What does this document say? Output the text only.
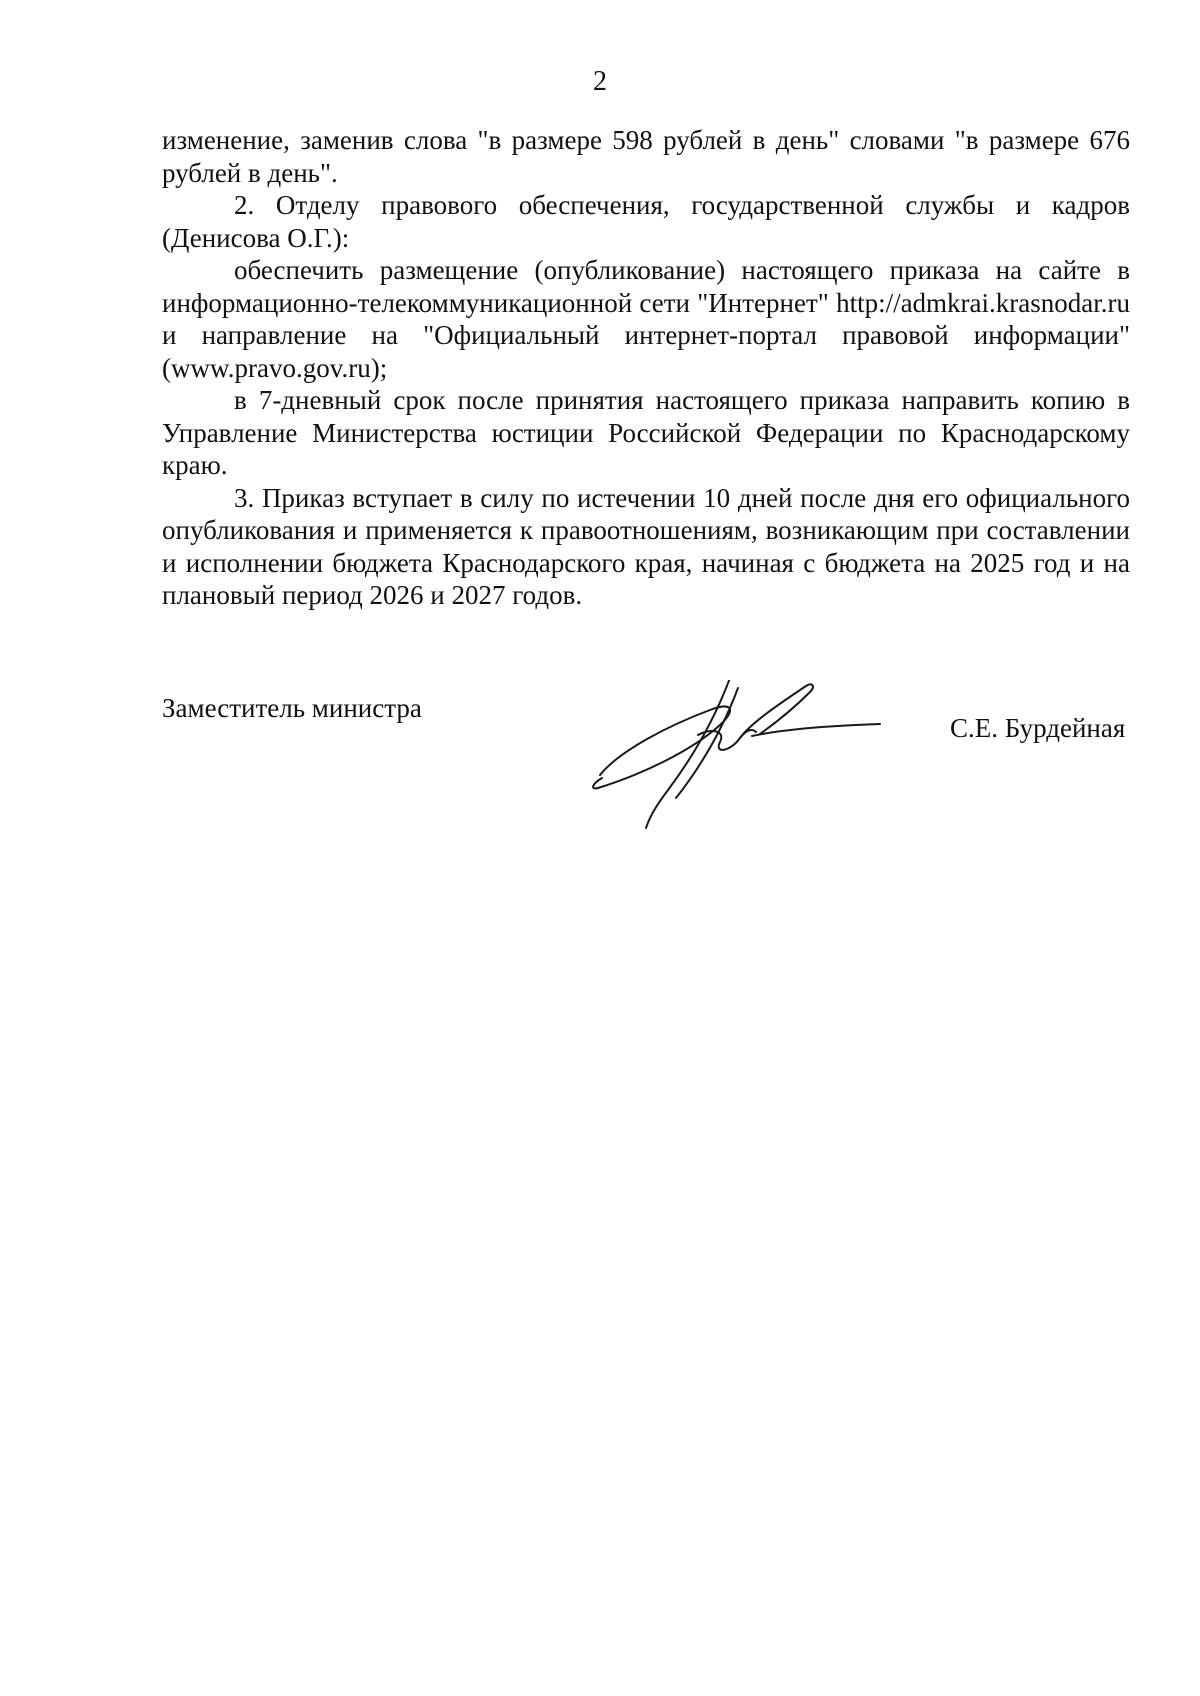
2

изменение, заменив слова "в размере 598 рублей в день" словами "в размере 676 рублей в день".

2. Отделу правового обеспечения, государственной службы и кадров (Денисова О.Г.):

обеспечить размещение (опубликование) настоящего приказа на сайте в информационно-телекоммуникационной сети "Интернет" http://admkrai.krasnodar.ru и направление на "Официальный интернет-портал правовой информации" (www.pravo.gov.ru);

в 7-дневный срок после принятия настоящего приказа направить копию в Управление Министерства юстиции Российской Федерации по Краснодарскому краю.

3. Приказ вступает в силу по истечении 10 дней после дня его официального опубликования и применяется к правоотношениям, возникающим при составлении и исполнении бюджета Краснодарского края, начиная с бюджета на 2025 год и на плановый период 2026 и 2027 годов.

Заместитель министра
С.Е. Бурдейная
